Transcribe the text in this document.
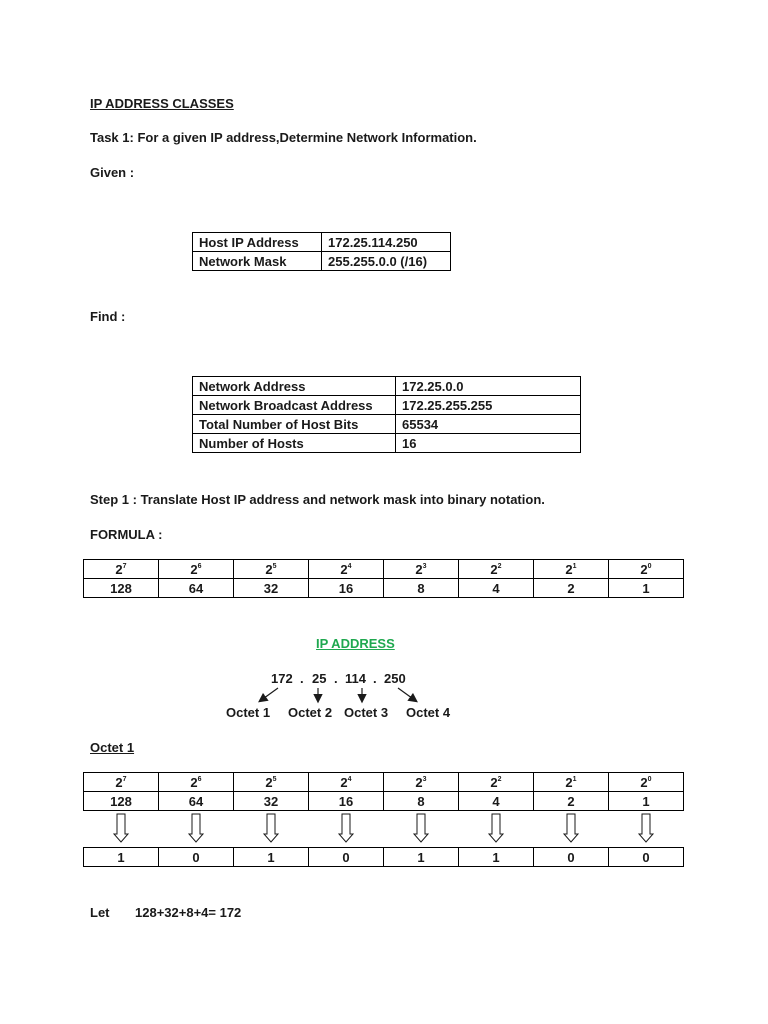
IP ADDRESS CLASSES
Task 1: For a given IP address,Determine Network Information.
Given :
Host IP Address	172.25.114.250
Network Mask	255.255.0.0 (/16)
Find :
Network Address	172.25.0.0
Network Broadcast Address	172.25.255.255
Total Number of Host Bits	65534
Number of Hosts	16
Step 1 : Translate Host IP address and network mask into binary notation.
FORMULA :
$2^7$	$2^6$	$2^5$	$2^4$	$2^3$	$2^2$	$2^1$	$2^0$
128	64	32	16	8	4	2	1
IP ADDRESS
172 . 25 . 114 . 250
Octet 1 Octet 2 Octet 3 Octet 4
Octet 1
$2^7$	$2^6$	$2^5$	$2^4$	$2^3$	$2^2$	$2^1$	$2^0$
128	64	32	16	8	4	2	1
1	0	1	0	1	1	0	0
Let 128+32+8+4= 172
